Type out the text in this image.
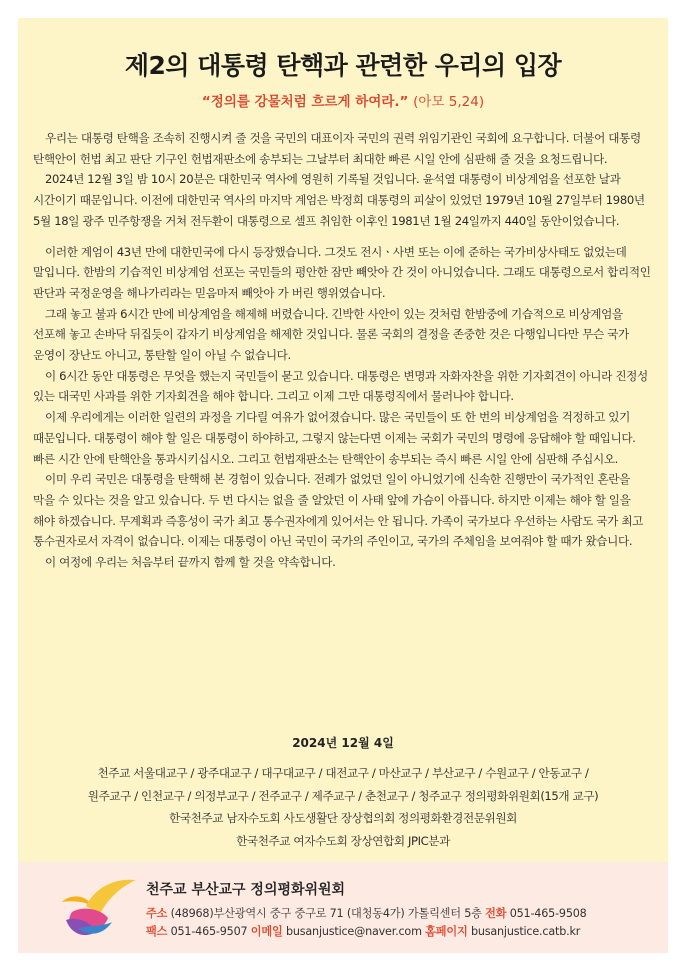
제2의 대통령 탄핵과 관련한 우리의 입장
“정의를 강물처럼 흐르게 하여라.” (아모 5,24)

우리는 대통령 탄핵을 조속히 진행시켜 줄 것을 국민의 대표이자 국민의 권력 위임기관인 국회에 요구합니다. 더불어 대통령 탄핵안이 헌법 최고 판단 기구인 헌법재판소에 송부되는 그날부터 최대한 빠른 시일 안에 심판해 줄 것을 요청드립니다.

2024년 12월 3일 밤 10시 20분은 대한민국 역사에 영원히 기록될 것입니다. 윤석열 대통령이 비상계엄을 선포한 날과 시간이기 때문입니다. 이전에 대한민국 역사의 마지막 계엄은 박정희 대통령의 피살이 있었던 1979년 10월 27일부터 1980년 5월 18일 광주 민주항쟁을 거쳐 전두환이 대통령으로 셀프 취임한 이후인 1981년 1월 24일까지 440일 동안이었습니다.

이러한 계엄이 43년 만에 대한민국에 다시 등장했습니다. 그것도 전시ㆍ사변 또는 이에 준하는 국가비상사태도 없었는데 말입니다. 한밤의 기습적인 비상계엄 선포는 국민들의 평안한 잠만 빼앗아 간 것이 아니었습니다. 그래도 대통령으로서 합리적인 판단과 국정운영을 해나가리라는 믿음마저 빼앗아 가 버린 행위였습니다.

그래 놓고 불과 6시간 만에 비상계엄을 해제해 버렸습니다. 긴박한 사안이 있는 것처럼 한밤중에 기습적으로 비상계엄을 선포해 놓고 손바닥 뒤집듯이 갑자기 비상계엄을 해제한 것입니다. 물론 국회의 결정을 존중한 것은 다행입니다만 무슨 국가 운영이 장난도 아니고, 통탄할 일이 아닐 수 없습니다.

이 6시간 동안 대통령은 무엇을 했는지 국민들이 묻고 있습니다. 대통령은 변명과 자화자찬을 위한 기자회견이 아니라 진정성 있는 대국민 사과를 위한 기자회견을 해야 합니다. 그리고 이제 그만 대통령직에서 물러나야 합니다.

이제 우리에게는 이러한 일련의 과정을 기다릴 여유가 없어졌습니다. 많은 국민들이 또 한 번의 비상계엄을 걱정하고 있기 때문입니다. 대통령이 해야 할 일은 대통령이 하야하고, 그렇지 않는다면 이제는 국회가 국민의 명령에 응답해야 할 때입니다. 빠른 시간 안에 탄핵안을 통과시키십시오. 그리고 헌법재판소는 탄핵안이 송부되는 즉시 빠른 시일 안에 심판해 주십시오.

이미 우리 국민은 대통령을 탄핵해 본 경험이 있습니다. 전례가 없었던 일이 아니었기에 신속한 진행만이 국가적인 혼란을 막을 수 있다는 것을 알고 있습니다. 두 번 다시는 없을 줄 알았던 이 사태 앞에 가슴이 아픕니다. 하지만 이제는 해야 할 일을 해야 하겠습니다. 무계획과 즉흥성이 국가 최고 통수권자에게 있어서는 안 됩니다. 가족이 국가보다 우선하는 사람도 국가 최고 통수권자로서 자격이 없습니다. 이제는 대통령이 아닌 국민이 국가의 주인이고, 국가의 주체임을 보여줘야 할 때가 왔습니다.

이 여정에 우리는 처음부터 끝까지 함께 할 것을 약속합니다.

2024년 12월 4일
천주교 서울대교구 / 광주대교구 / 대구대교구 / 대전교구 / 마산교구 / 부산교구 / 수원교구 / 안동교구 /
원주교구 / 인천교구 / 의정부교구 / 전주교구 / 제주교구 / 춘천교구 / 청주교구 정의평화위원회(15개 교구)
한국천주교 남자수도회 사도생활단 장상협의회 정의평화환경전문위원회
한국천주교 여자수도회 장상연합회 JPIC분과
천주교 부산교구 정의평화위원회
주소 (48968)부산광역시 중구 중구로 71 (대청동4가) 가톨릭센터 5층 전화 051-465-9508
팩스 051-465-9507 이메일 busanjustice@naver.com 홈페이지 busanjustice.catb.kr
